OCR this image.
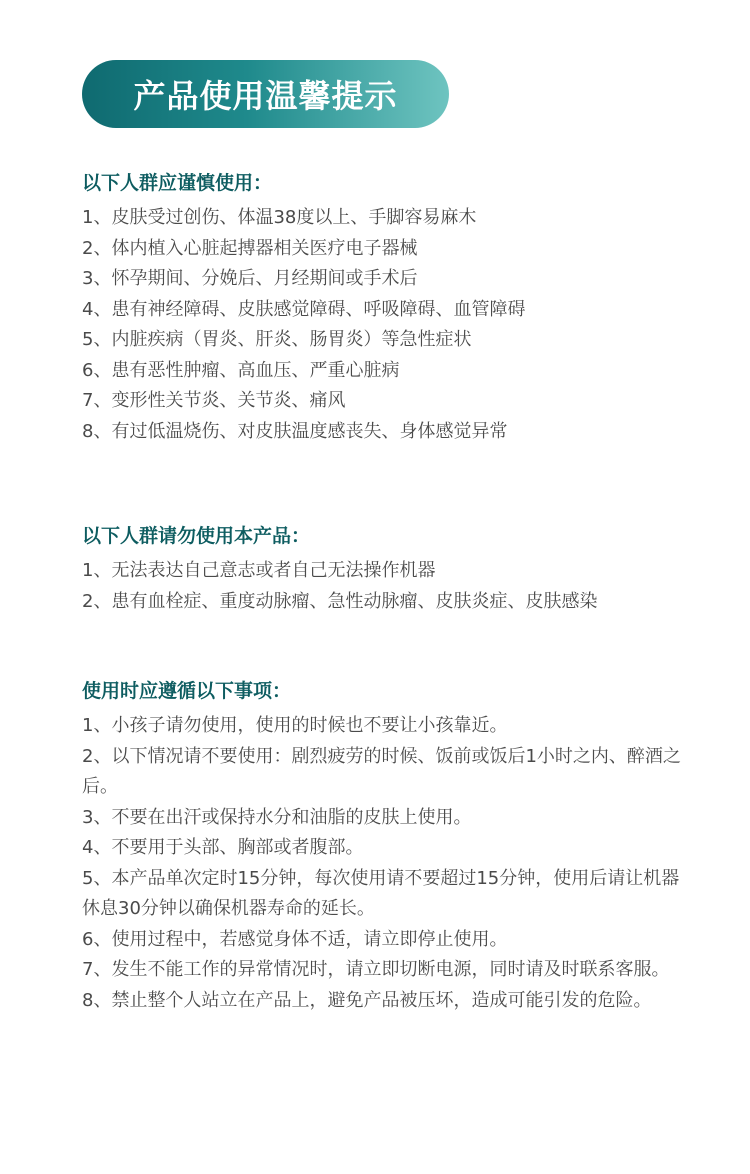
产品使用温馨提示
以下人群应谨慎使用：
1、皮肤受过创伤、体温38度以上、手脚容易麻木
2、体内植入心脏起搏器相关医疗电子器械
3、怀孕期间、分娩后、月经期间或手术后
4、患有神经障碍、皮肤感觉障碍、呼吸障碍、血管障碍
5、内脏疾病（胃炎、肝炎、肠胃炎）等急性症状
6、患有恶性肿瘤、高血压、严重心脏病
7、变形性关节炎、关节炎、痛风
8、有过低温烧伤、对皮肤温度感丧失、身体感觉异常
以下人群请勿使用本产品：
1、无法表达自己意志或者自己无法操作机器
2、患有血栓症、重度动脉瘤、急性动脉瘤、皮肤炎症、皮肤感染
使用时应遵循以下事项：
1、小孩子请勿使用，使用的时候也不要让小孩靠近。
2、以下情况请不要使用：剧烈疲劳的时候、饭前或饭后1小时之内、醉酒之后。
3、不要在出汗或保持水分和油脂的皮肤上使用。
4、不要用于头部、胸部或者腹部。
5、本产品单次定时15分钟，每次使用请不要超过15分钟，使用后请让机器休息30分钟以确保机器寿命的延长。
6、使用过程中，若感觉身体不适，请立即停止使用。
7、发生不能工作的异常情况时，请立即切断电源，同时请及时联系客服。
8、禁止整个人站立在产品上，避免产品被压坏，造成可能引发的危险。
